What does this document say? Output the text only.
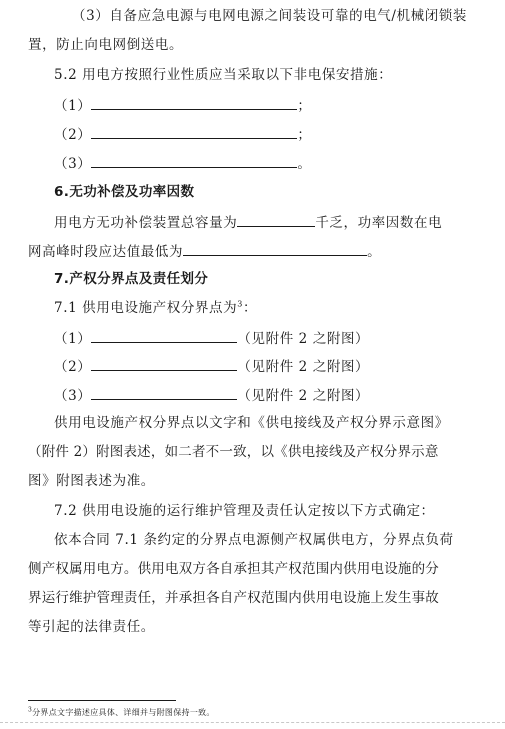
（3）自备应急电源与电网电源之间装设可靠的电气/机械闭锁装
置，防止向电网倒送电。
5.2 用电方按照行业性质应当采取以下非电保安措施：
（1）	；
（2）	；
（3）	。
6.无功补偿及功率因数
用电方无功补偿装置总容量为	千乏，功率因数在电
网高峰时段应达值最低为	。
7.产权分界点及责任划分
7.1 供用电设施产权分界点为$^3$：
（1）	（见附件 2 之附图）
（2）	（见附件 2 之附图）
（3）	（见附件 2 之附图）
供用电设施产权分界点以文字和《供电接线及产权分界示意图》
（附件 2）附图表述，如二者不一致，以《供电接线及产权分界示意
图》附图表述为准。
7.2 供用电设施的运行维护管理及责任认定按以下方式确定：
依本合同 7.1 条约定的分界点电源侧产权属供电方，分界点负荷
侧产权属用电方。供用电双方各自承担其产权范围内供用电设施的分
界运行维护管理责任，并承担各自产权范围内供用电设施上发生事故
等引起的法律责任。
$^3$分界点文字描述应具体、详细并与附图保持一致。
